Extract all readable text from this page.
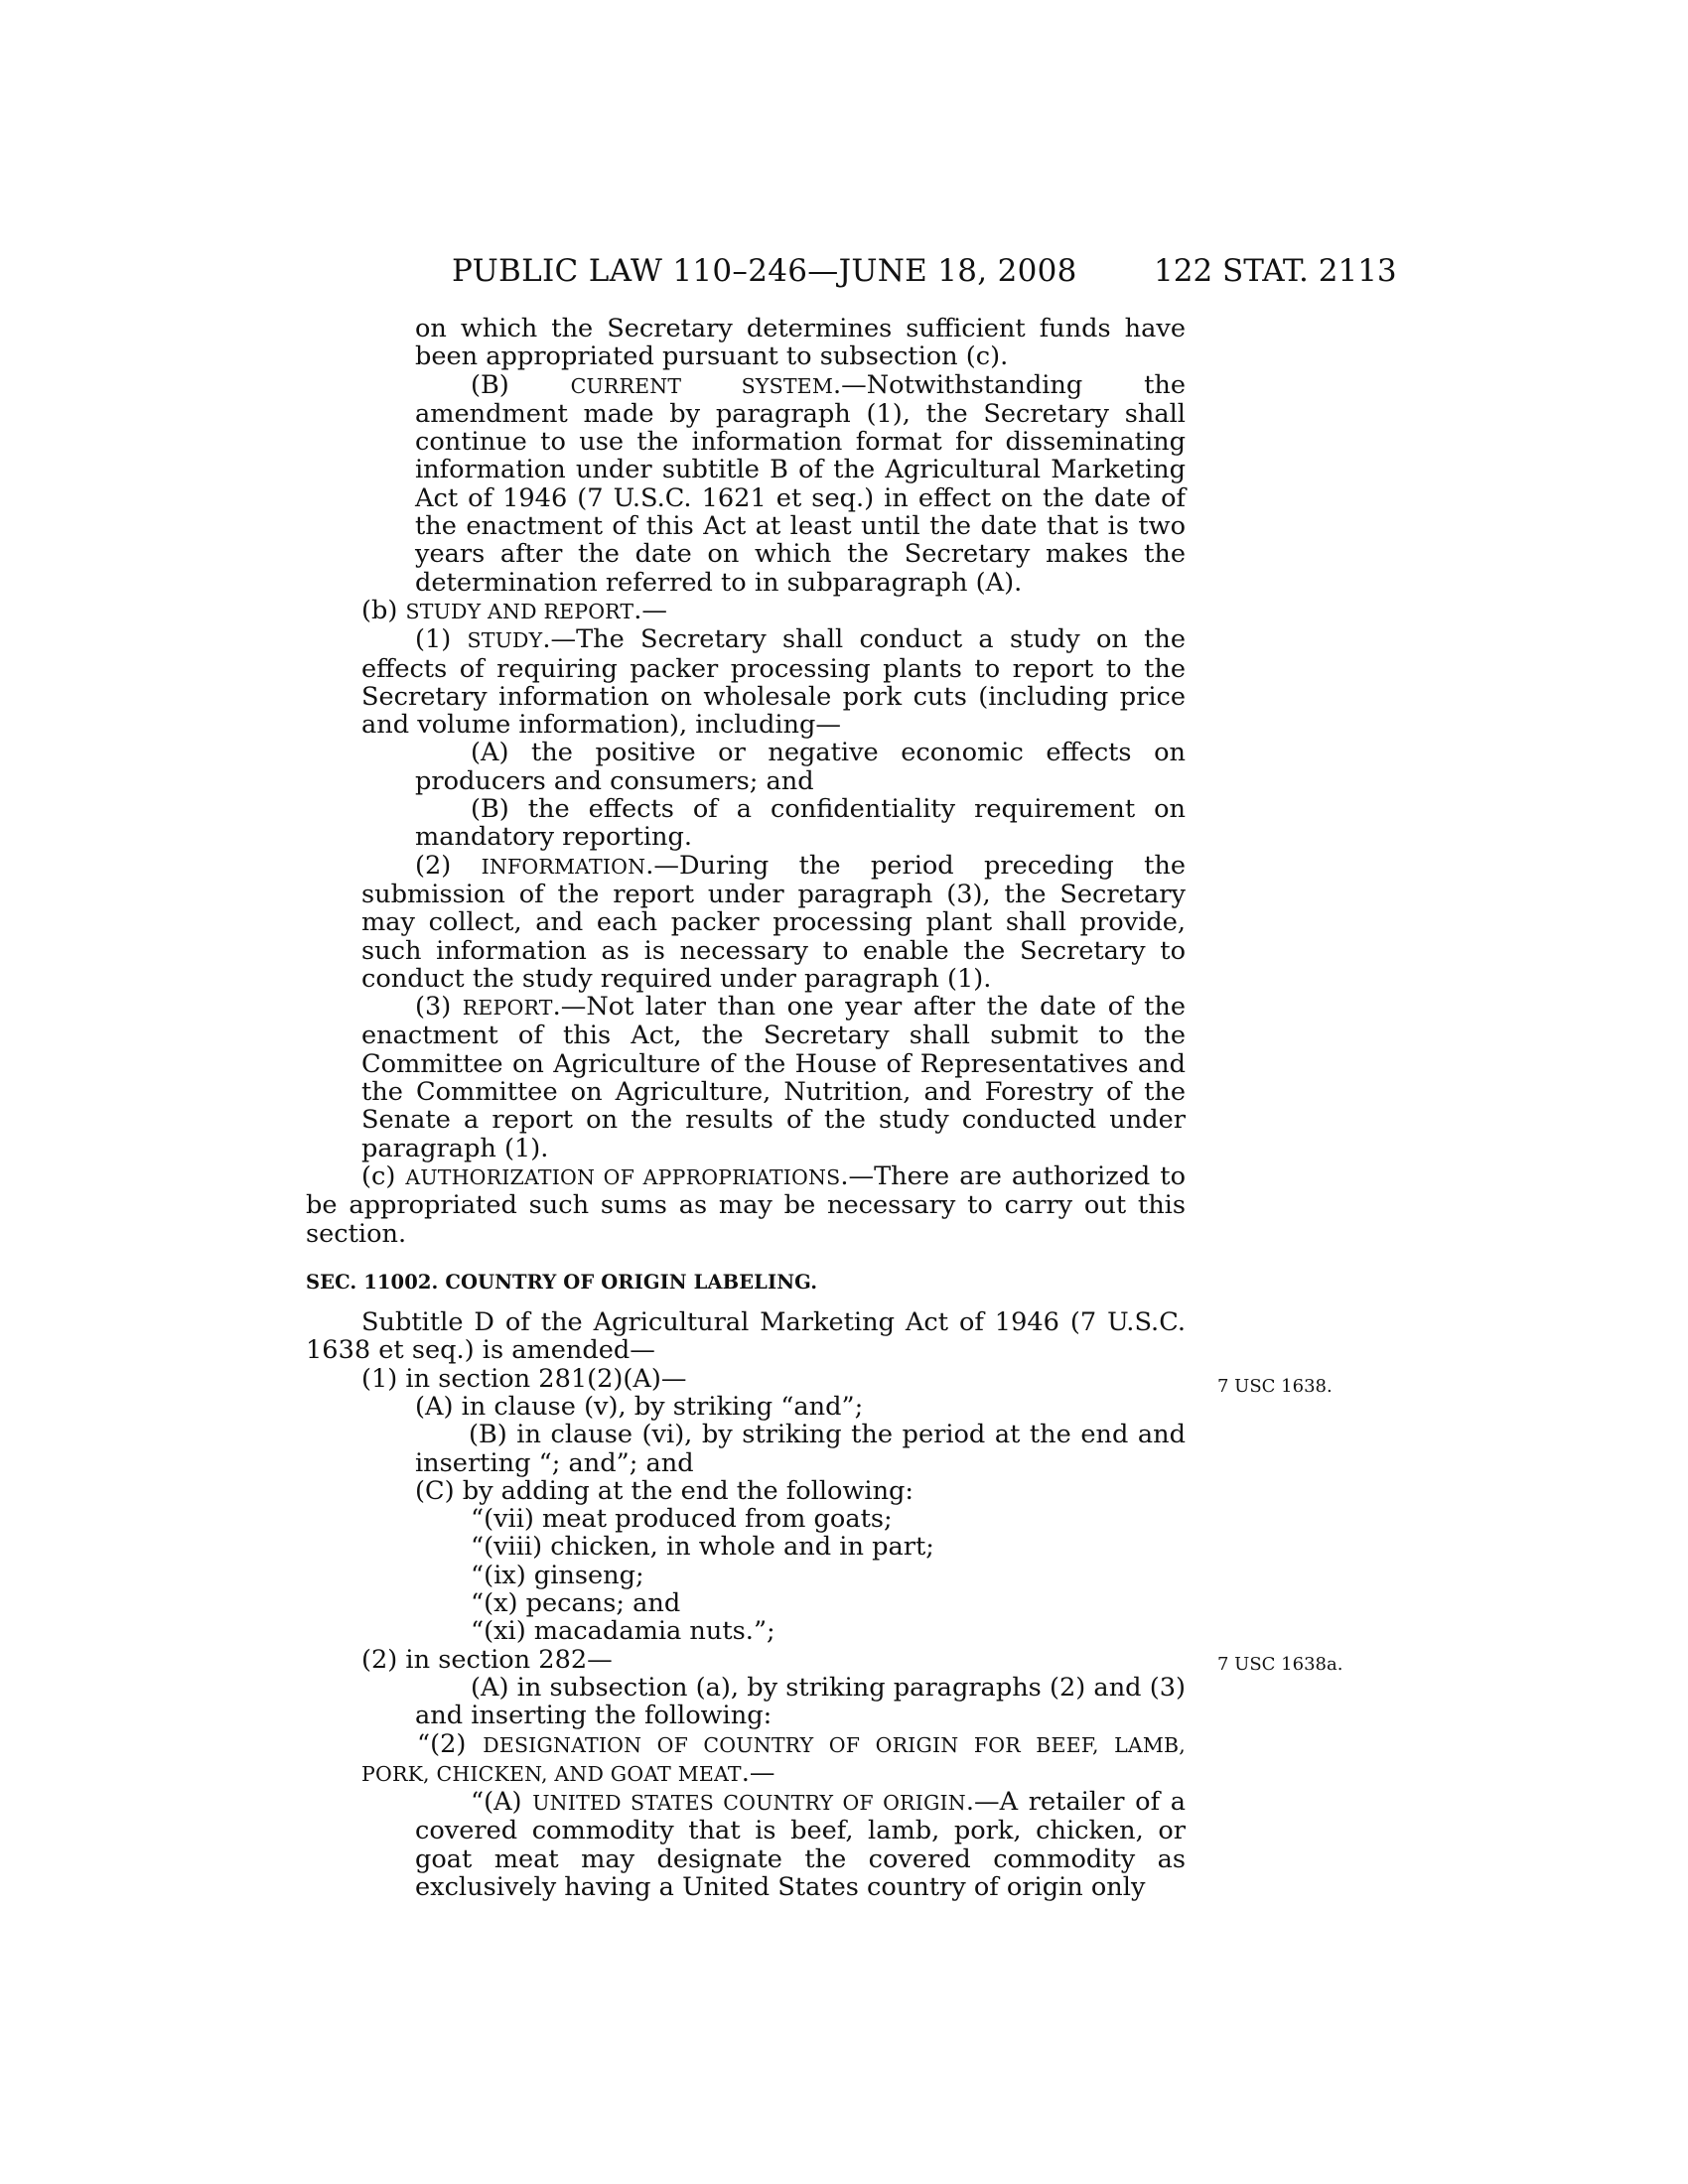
PUBLIC LAW 110–246—JUNE 18, 2008 122 STAT. 2113

on which the Secretary determines sufficient funds have been appropriated pursuant to subsection (c).

(B) CURRENT SYSTEM.—Notwithstanding the amendment made by paragraph (1), the Secretary shall continue to use the information format for disseminating information under subtitle B of the Agricultural Marketing Act of 1946 (7 U.S.C. 1621 et seq.) in effect on the date of the enactment of this Act at least until the date that is two years after the date on which the Secretary makes the determination referred to in subparagraph (A).

(b) STUDY AND REPORT.—

(1) STUDY.—The Secretary shall conduct a study on the effects of requiring packer processing plants to report to the Secretary information on wholesale pork cuts (including price and volume information), including—

(A) the positive or negative economic effects on producers and consumers; and

(B) the effects of a confidentiality requirement on mandatory reporting.

(2) INFORMATION.—During the period preceding the submission of the report under paragraph (3), the Secretary may collect, and each packer processing plant shall provide, such information as is necessary to enable the Secretary to conduct the study required under paragraph (1).

(3) REPORT.—Not later than one year after the date of the enactment of this Act, the Secretary shall submit to the Committee on Agriculture of the House of Representatives and the Committee on Agriculture, Nutrition, and Forestry of the Senate a report on the results of the study conducted under paragraph (1).

(c) AUTHORIZATION OF APPROPRIATIONS.—There are authorized to be appropriated such sums as may be necessary to carry out this section.

SEC. 11002. COUNTRY OF ORIGIN LABELING.

Subtitle D of the Agricultural Marketing Act of 1946 (7 U.S.C. 1638 et seq.) is amended—

(1) in section 281(2)(A)—

(A) in clause (v), by striking “and”;

(B) in clause (vi), by striking the period at the end and inserting “; and”; and

(C) by adding at the end the following:

“(vii) meat produced from goats;

“(viii) chicken, in whole and in part;

“(ix) ginseng;

“(x) pecans; and

“(xi) macadamia nuts.”;

(2) in section 282—

(A) in subsection (a), by striking paragraphs (2) and (3) and inserting the following:

“(2) DESIGNATION OF COUNTRY OF ORIGIN FOR BEEF, LAMB, PORK, CHICKEN, AND GOAT MEAT.—

“(A) UNITED STATES COUNTRY OF ORIGIN.—A retailer of a covered commodity that is beef, lamb, pork, chicken, or goat meat may designate the covered commodity as exclusively having a United States country of origin only

7 USC 1638.
7 USC 1638a.
